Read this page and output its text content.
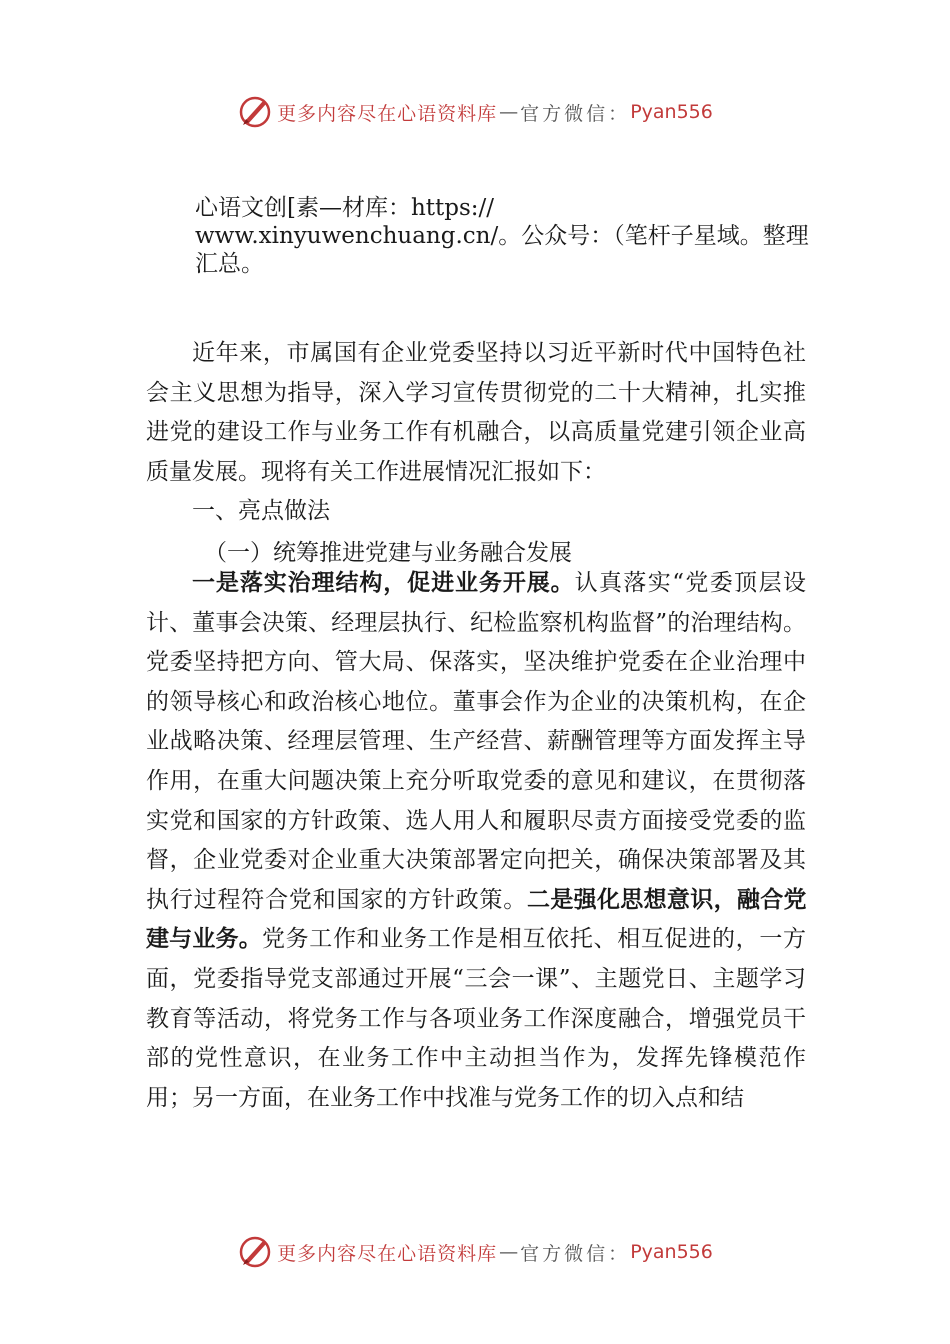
更多内容尽在心语资料库 — 官方微信： Pyan556
心语文创[素—材库：https://
www.xinyuwenchuang.cn/。公众号：（笔杆子星域。整理
汇总。

近年来，市属国有企业党委坚持以习近平新时代中国特色社会主义思想为指导，深入学习宣传贯彻党的二十大精神，扎实推进党的建设工作与业务工作有机融合，以高质量党建引领企业高质量发展。现将有关工作进展情况汇报如下：

一、亮点做法

（一）统筹推进党建与业务融合发展

一是落实治理结构，促进业务开展。认真落实“党委顶层设计、董事会决策、经理层执行、纪检监察机构监督”的治理结构。党委坚持把方向、管大局、保落实，坚决维护党委在企业治理中的领导核心和政治核心地位。董事会作为企业的决策机构，在企业战略决策、经理层管理、生产经营、薪酬管理等方面发挥主导作用，在重大问题决策上充分听取党委的意见和建议，在贯彻落实党和国家的方针政策、选人用人和履职尽责方面接受党委的监督，企业党委对企业重大决策部署定向把关，确保决策部署及其执行过程符合党和国家的方针政策。二是强化思想意识，融合党建与业务。党务工作和业务工作是相互依托、相互促进的，一方面，党委指导党支部通过开展“三会一课”、主题党日、主题学习教育等活动，将党务工作与各项业务工作深度融合，增强党员干部的党性意识，在业务工作中主动担当作为，发挥先锋模范作用；另一方面，在业务工作中找准与党务工作的切入点和结

更多内容尽在心语资料库 — 官方微信： Pyan556
